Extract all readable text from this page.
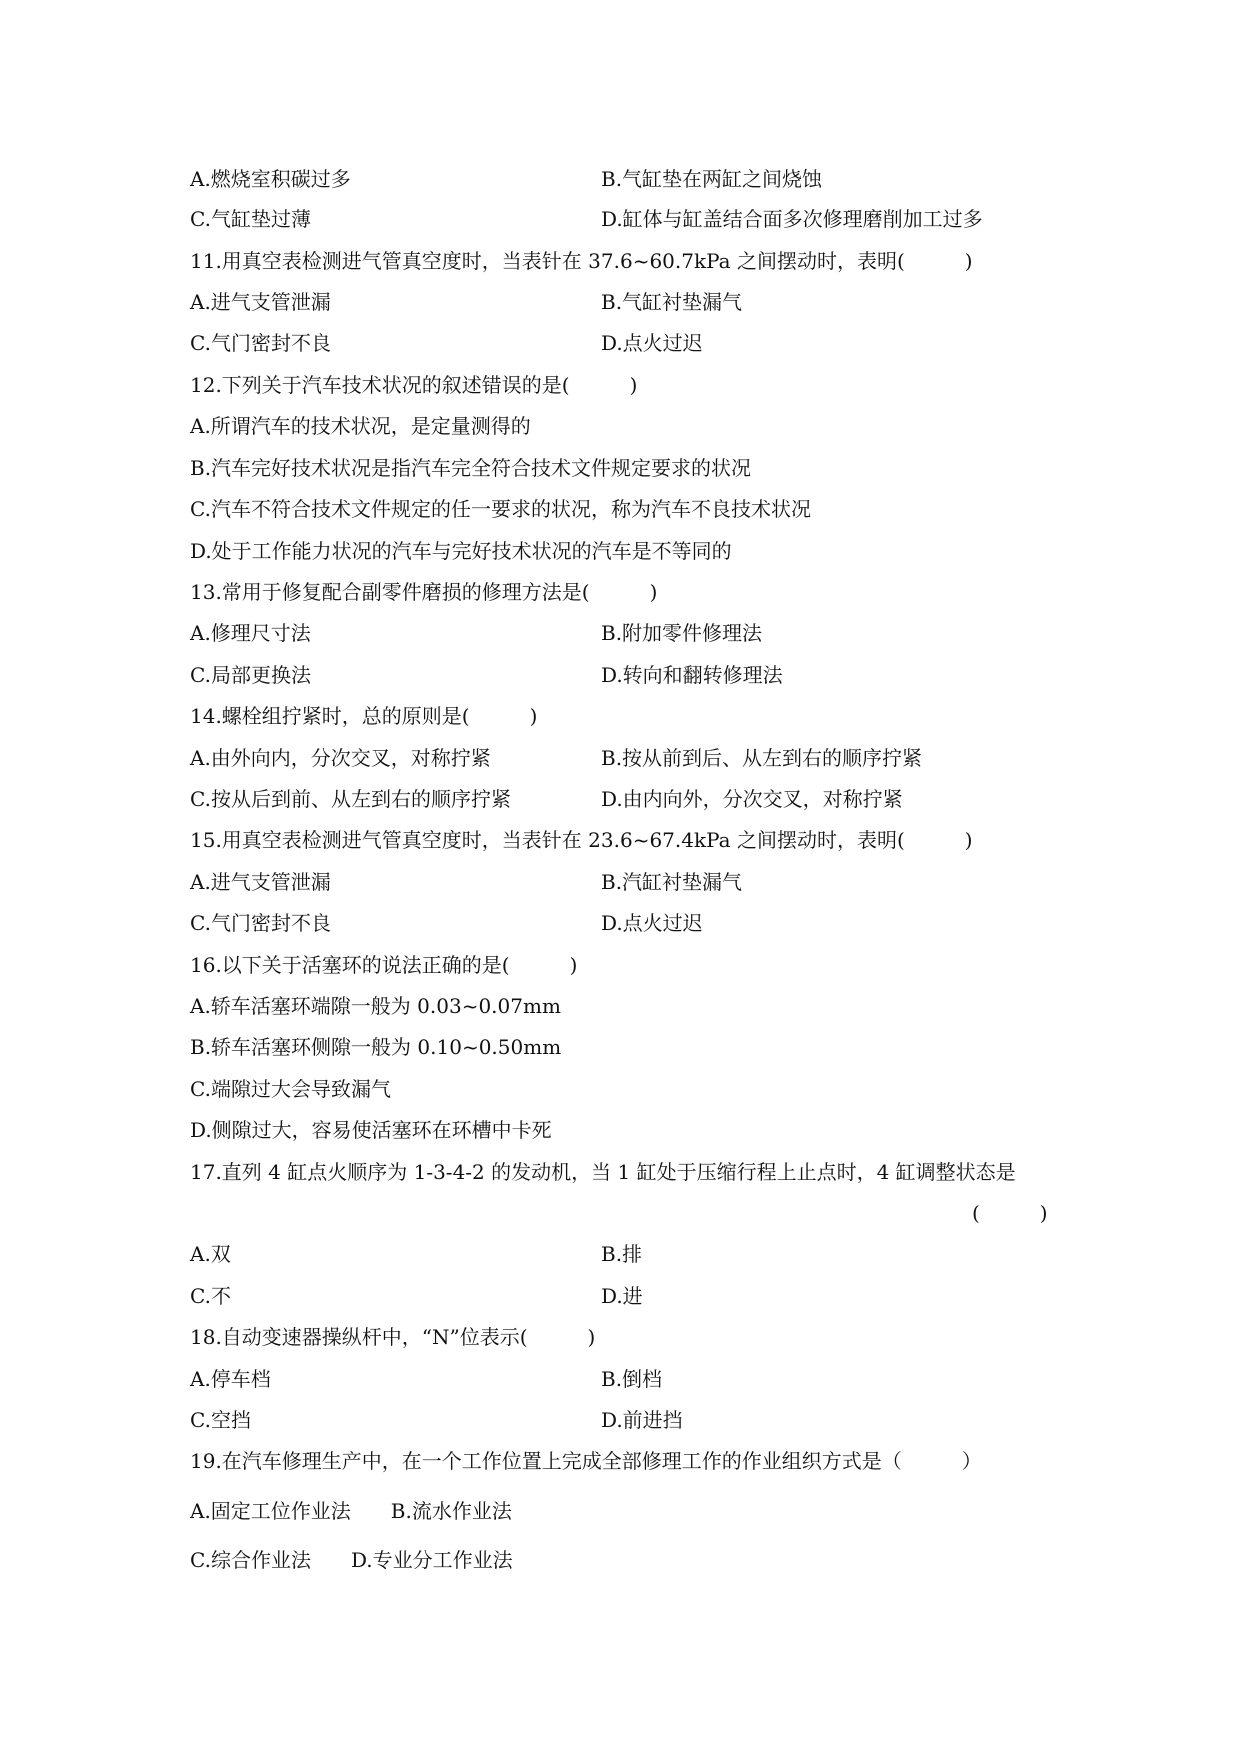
A.燃烧室积碳过多	B.气缸垫在两缸之间烧蚀
C.气缸垫过薄	D.缸体与缸盖结合面多次修理磨削加工过多
11.用真空表检测进气管真空度时，当表针在 37.6~60.7kPa 之间摆动时，表明(　　　)
A.进气支管泄漏	B.气缸衬垫漏气
C.气门密封不良	D.点火过迟
12.下列关于汽车技术状况的叙述错误的是(　　　)
A.所谓汽车的技术状况，是定量测得的
B.汽车完好技术状况是指汽车完全符合技术文件规定要求的状况
C.汽车不符合技术文件规定的任一要求的状况，称为汽车不良技术状况
D.处于工作能力状况的汽车与完好技术状况的汽车是不等同的
13.常用于修复配合副零件磨损的修理方法是(　　　)
A.修理尺寸法	B.附加零件修理法
C.局部更换法	D.转向和翻转修理法
14.螺栓组拧紧时，总的原则是(　　　)
A.由外向内，分次交叉，对称拧紧	B.按从前到后、从左到右的顺序拧紧
C.按从后到前、从左到右的顺序拧紧	D.由内向外，分次交叉，对称拧紧
15.用真空表检测进气管真空度时，当表针在 23.6~67.4kPa 之间摆动时，表明(　　　)
A.进气支管泄漏	B.汽缸衬垫漏气
C.气门密封不良	D.点火过迟
16.以下关于活塞环的说法正确的是(　　　)
A.轿车活塞环端隙一般为 0.03~0.07mm
B.轿车活塞环侧隙一般为 0.10~0.50mm
C.端隙过大会导致漏气
D.侧隙过大，容易使活塞环在环槽中卡死
17.直列 4 缸点火顺序为 1-3-4-2 的发动机，当 1 缸处于压缩行程上止点时，4 缸调整状态是
(　　　)
A.双	B.排
C.不	D.进
18.自动变速器操纵杆中，“N”位表示(　　　)
A.停车档	B.倒档
C.空挡	D.前进挡
19.在汽车修理生产中，在一个工作位置上完成全部修理工作的作业组织方式是（　　　）
A.固定工位作业法　　B.流水作业法
C.综合作业法　　D.专业分工作业法
